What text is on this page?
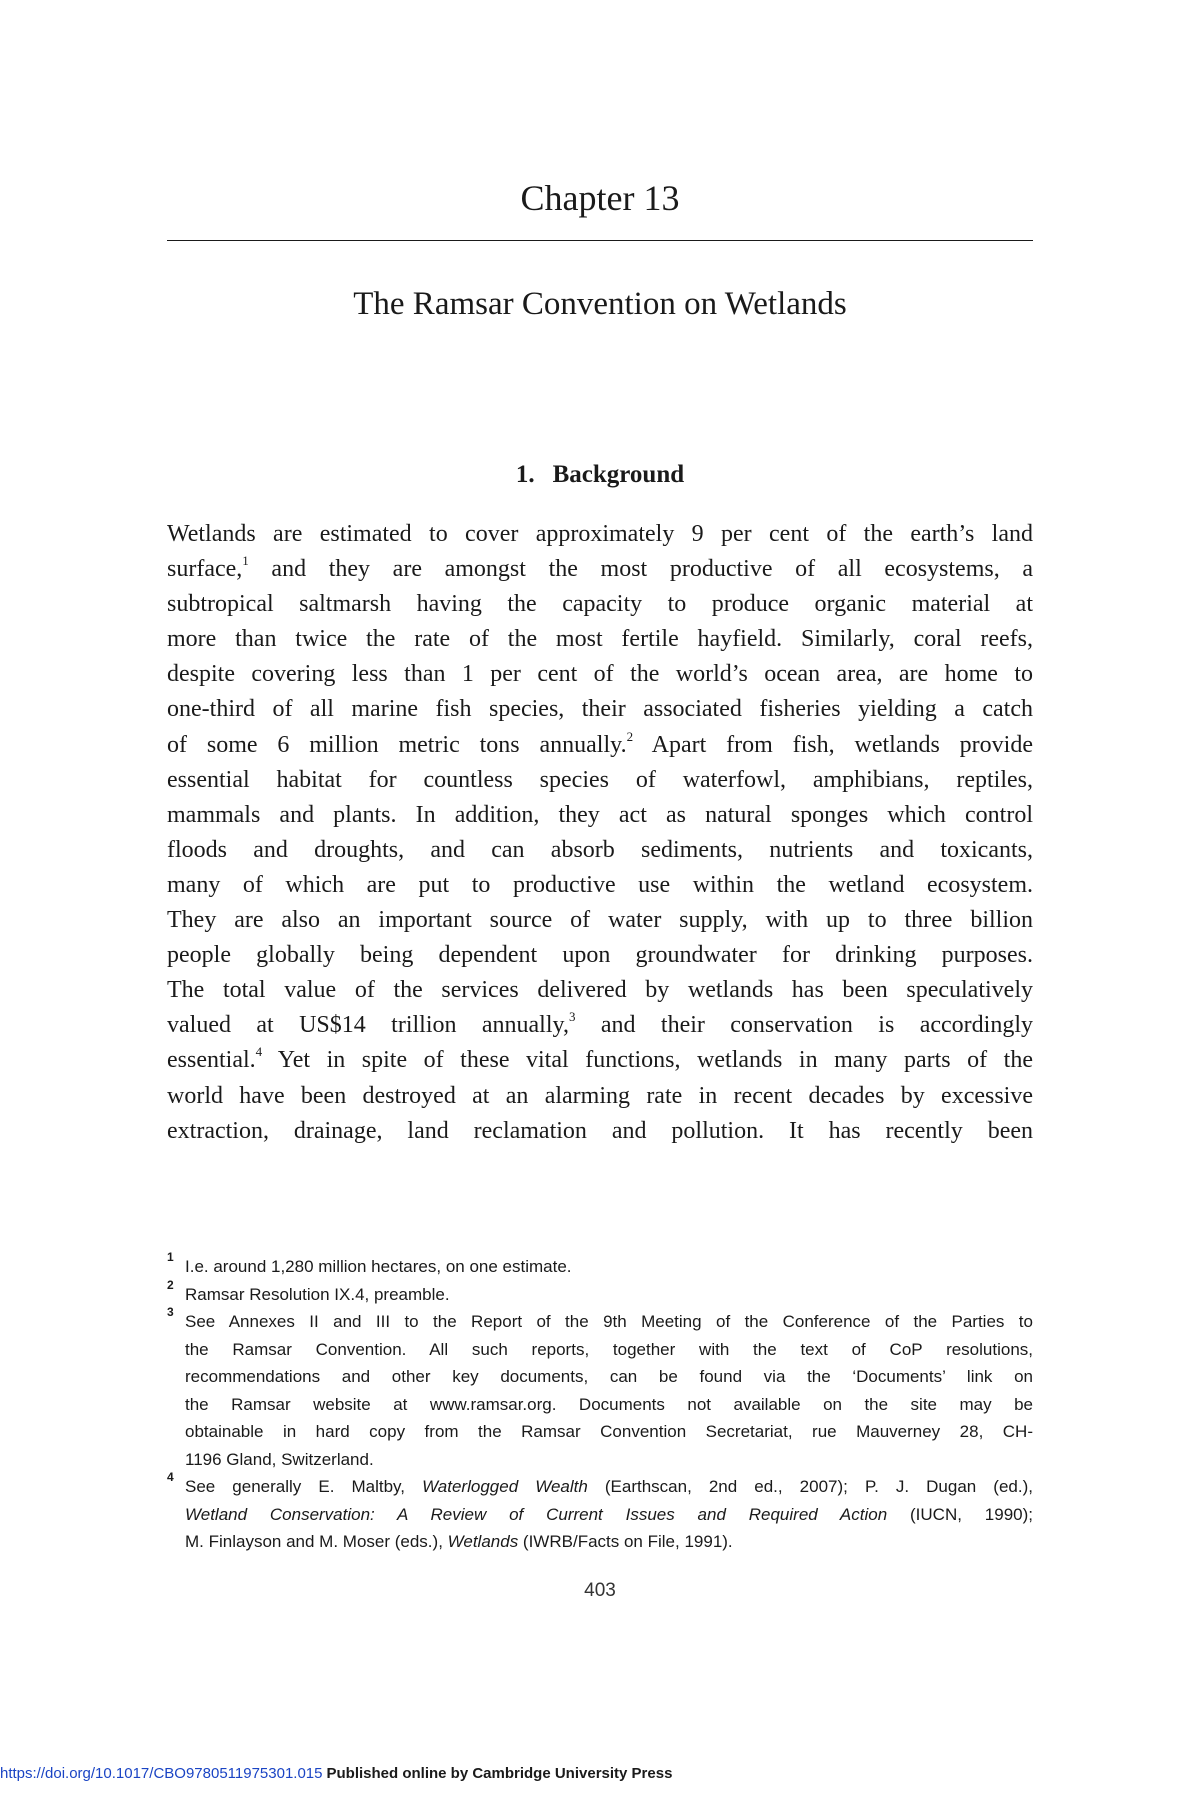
Chapter 13
The Ramsar Convention on Wetlands
1. Background
Wetlands are estimated to cover approximately 9 per cent of the earth’s land
surface,$^1$ and they are amongst the most productive of all ecosystems, a
subtropical saltmarsh having the capacity to produce organic material at
more than twice the rate of the most fertile hayfield. Similarly, coral reefs,
despite covering less than 1 per cent of the world’s ocean area, are home to
one-third of all marine fish species, their associated fisheries yielding a catch
of some 6 million metric tons annually.$^2$ Apart from fish, wetlands provide
essential habitat for countless species of waterfowl, amphibians, reptiles,
mammals and plants. In addition, they act as natural sponges which control
floods and droughts, and can absorb sediments, nutrients and toxicants,
many of which are put to productive use within the wetland ecosystem.
They are also an important source of water supply, with up to three billion
people globally being dependent upon groundwater for drinking purposes.
The total value of the services delivered by wetlands has been speculatively
valued at US$14 trillion annually,$^3$ and their conservation is accordingly
essential.$^4$ Yet in spite of these vital functions, wetlands in many parts of the
world have been destroyed at an alarming rate in recent decades by excessive
extraction, drainage, land reclamation and pollution. It has recently been
1 I.e. around 1,280 million hectares, on one estimate.
2 Ramsar Resolution IX.4, preamble.
3 See Annexes II and III to the Report of the 9th Meeting of the Conference of the Parties to
the Ramsar Convention. All such reports, together with the text of CoP resolutions,
recommendations and other key documents, can be found via the ‘Documents’ link on
the Ramsar website at www.ramsar.org. Documents not available on the site may be
obtainable in hard copy from the Ramsar Convention Secretariat, rue Mauverney 28, CH-
1196 Gland, Switzerland.
4 See generally E. Maltby, Waterlogged Wealth (Earthscan, 2nd ed., 2007); P. J. Dugan (ed.),
Wetland Conservation: A Review of Current Issues and Required Action (IUCN, 1990);
M. Finlayson and M. Moser (eds.), Wetlands (IWRB/Facts on File, 1991).
403
https://doi.org/10.1017/CBO9780511975301.015 Published online by Cambridge University Press
